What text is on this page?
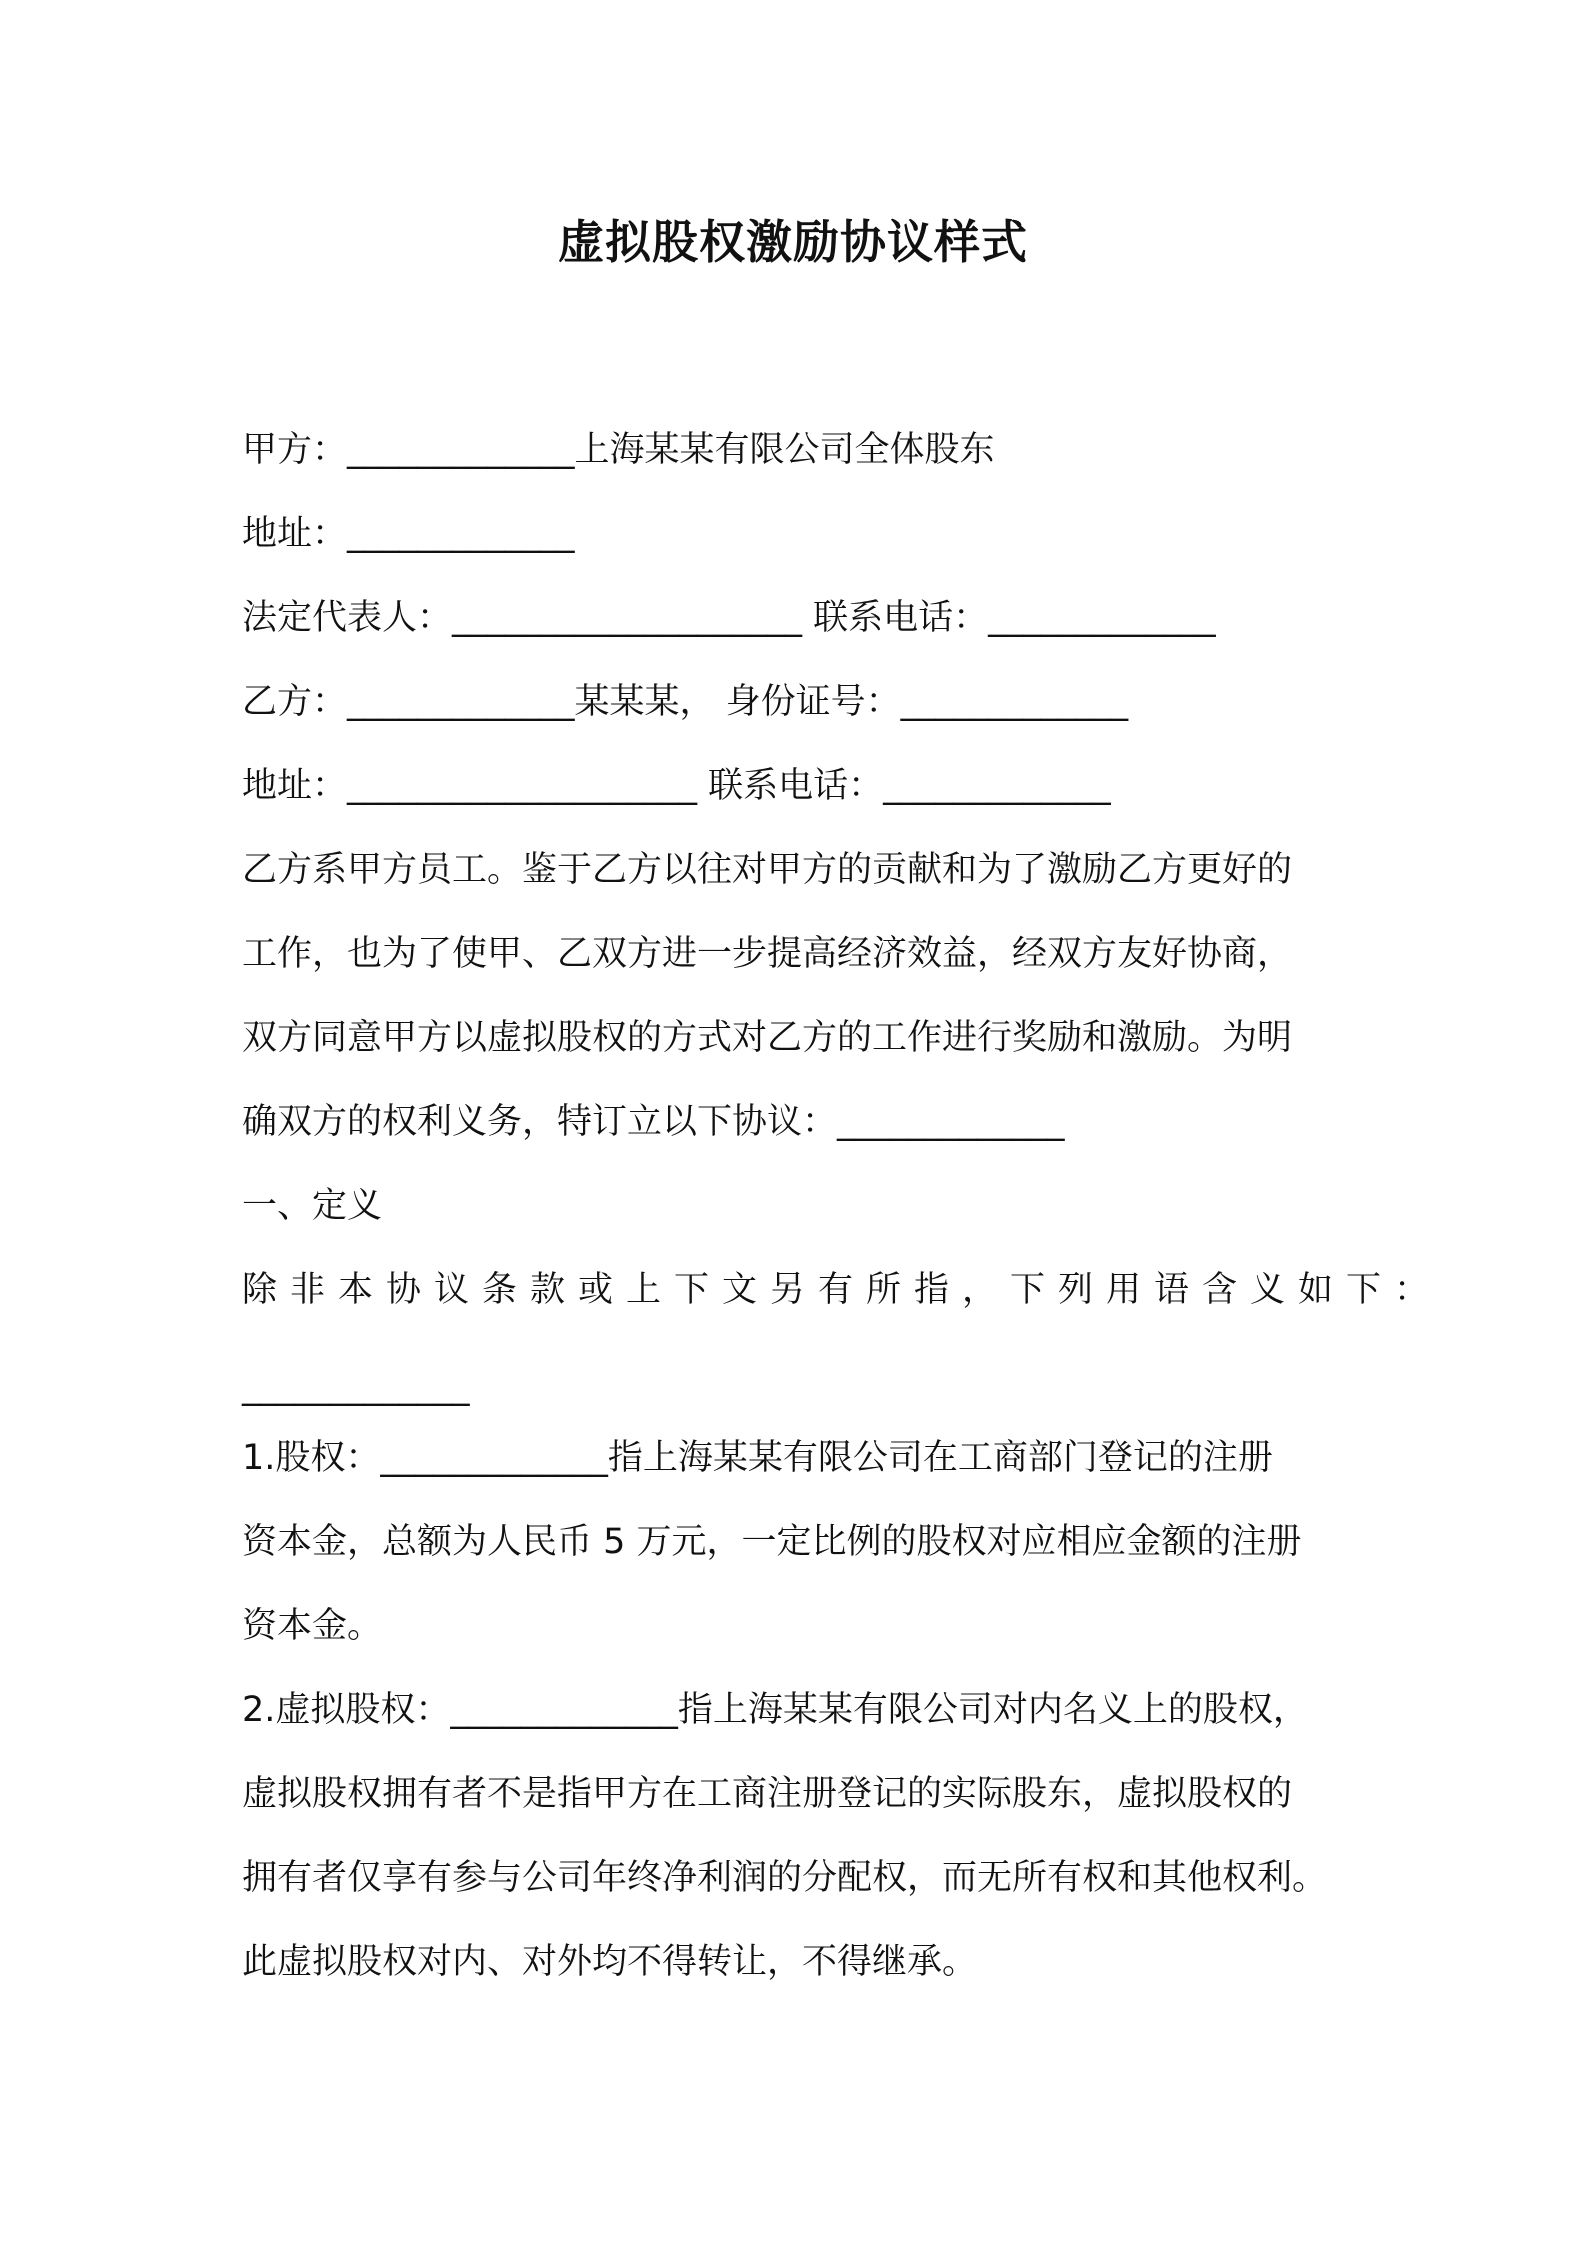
虚拟股权激励协议样式
甲方：_____________上海某某有限公司全体股东
地址：_____________
法定代表人：____________________ 联系电话：_____________
乙方：_____________某某某， 身份证号：_____________
地址：____________________ 联系电话：_____________
乙方系甲方员工。鉴于乙方以往对甲方的贡献和为了激励乙方更好的
工作，也为了使甲、乙双方进一步提高经济效益，经双方友好协商，
双方同意甲方以虚拟股权的方式对乙方的工作进行奖励和激励。为明
确双方的权利义务，特订立以下协议：_____________
一、定义
除非本协议条款或上下文另有所指，下列用语含义如下：
_____________
1.股权：_____________指上海某某有限公司在工商部门登记的注册
资本金，总额为人民币 5 万元，一定比例的股权对应相应金额的注册
资本金。
2.虚拟股权：_____________指上海某某有限公司对内名义上的股权，
虚拟股权拥有者不是指甲方在工商注册登记的实际股东，虚拟股权的
拥有者仅享有参与公司年终净利润的分配权，而无所有权和其他权利。
此虚拟股权对内、对外均不得转让，不得继承。
